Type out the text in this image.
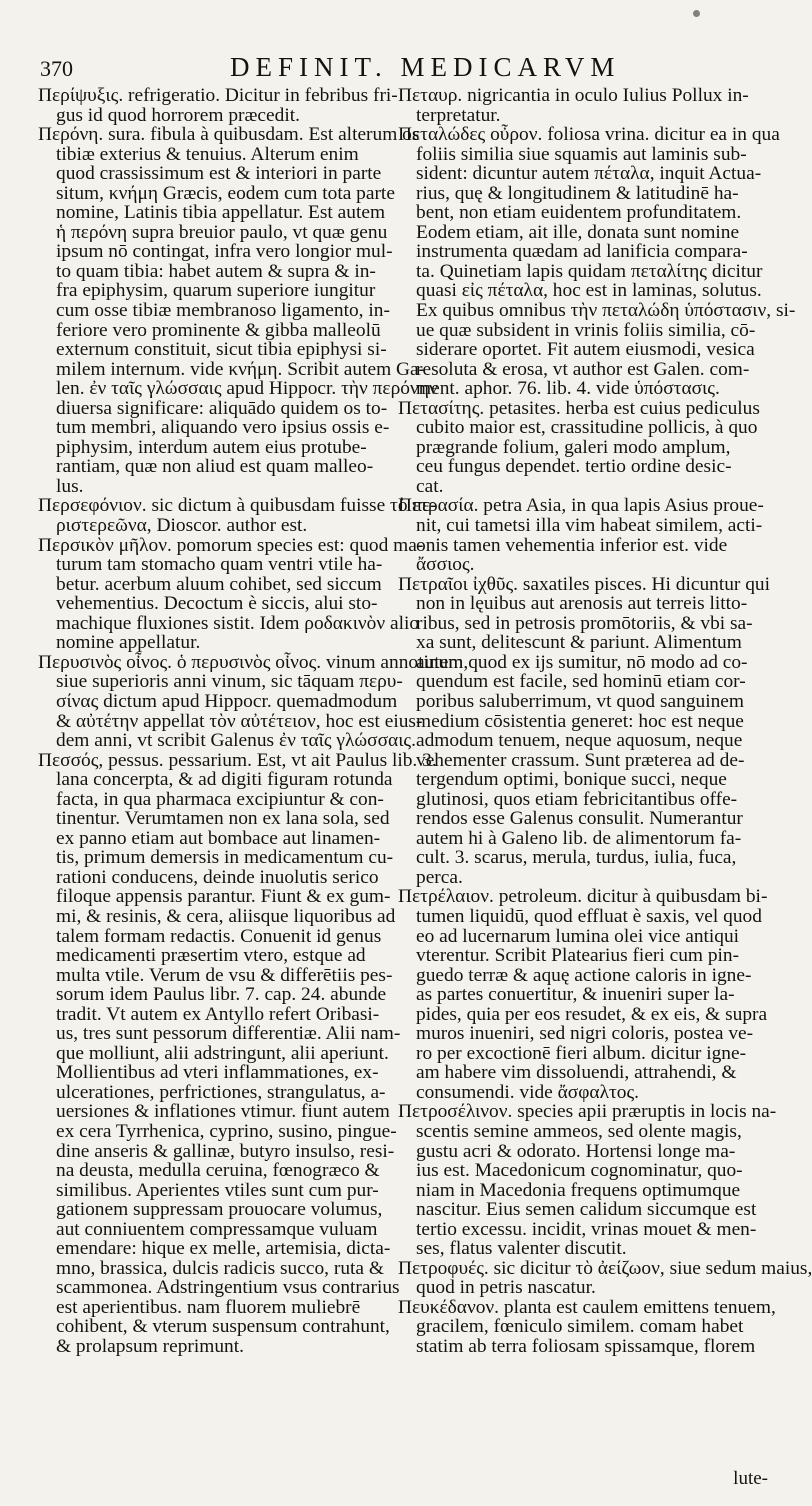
370	DEFINIT. MEDICARVM
Περίψυξις. refrigeratio. Dicitur in febribus fri-
gus id quod horrorem præcedit.
Περόνη. sura. fibula à quibusdam. Est alterum os
tibiæ exterius & tenuius. Alterum enim
quod crassissimum est & interiori in parte
situm, κνήμη Græcis, eodem cum tota parte
nomine, Latinis tibia appellatur. Est autem
ἡ περόνη supra breuior paulo, vt quæ genu
ipsum nō contingat, infra vero longior mul-
to quam tibia: habet autem & supra & in-
fra epiphysim, quarum superiore iungitur
cum osse tibiæ membranoso ligamento, in-
feriore vero prominente & gibba malleolū
externum constituit, sicut tibia epiphysi si-
milem internum. vide κνήμη. Scribit autem Ga-
len. ἐν ταῖς γλώσσαις apud Hippocr. τὴν περόνην
diuersa significare: aliquādo quidem os to-
tum membri, aliquando vero ipsius ossis e-
piphysim, interdum autem eius protube-
rantiam, quæ non aliud est quam malleo-
lus.
Περσεφόνιον. sic dictum à quibusdam fuisse τὸ πε-
ριστερεῶνα, Dioscor. author est.
Περσικὸν μῆλον. pomorum species est: quod ma-
turum tam stomacho quam ventri vtile ha-
betur. acerbum aluum cohibet, sed siccum
vehementius. Decoctum è siccis, alui sto-
machique fluxiones sistit. Idem ροδακινὸν alio
nomine appellatur.
Περυσινὸς οἶνος. ὁ περυσινὸς οἶνος. vinum annotinum,
siue superioris anni vinum, sic tāquam περυ-
σίνας dictum apud Hippocr. quemadmodum
& αὐτέτην appellat τὸν αὐτέτειον, hoc est eius-
dem anni, vt scribit Galenus ἐν ταῖς γλώσσαις.
Πεσσός, pessus. pessarium. Est, vt ait Paulus lib. 3.
lana concerpta, & ad digiti figuram rotunda
facta, in qua pharmaca excipiuntur & con-
tinentur. Verumtamen non ex lana sola, sed
ex panno etiam aut bombace aut linamen-
tis, primum demersis in medicamentum cu-
rationi conducens, deinde inuolutis serico
filoque appensis parantur. Fiunt & ex gum-
mi, & resinis, & cera, aliisque liquoribus ad
talem formam redactis. Conuenit id genus
medicamenti præsertim vtero, estque ad
multa vtile. Verum de vsu & differētiis pes-
sorum idem Paulus libr. 7. cap. 24. abunde
tradit. Vt autem ex Antyllo refert Oribasi-
us, tres sunt pessorum differentiæ. Alii nam-
que molliunt, alii adstringunt, alii aperiunt.
Mollientibus ad vteri inflammationes, ex-
ulcerationes, perfrictiones, strangulatus, a-
uersiones & inflationes vtimur. fiunt autem
ex cera Tyrrhenica, cyprino, susino, pingue-
dine anseris & gallinæ, butyro insulso, resi-
na deusta, medulla ceruina, fœnogræco &
similibus. Aperientes vtiles sunt cum pur-
gationem suppressam prouocare volumus,
aut conniuentem compressamque vuluam
emendare: hique ex melle, artemisia, dicta-
mno, brassica, dulcis radicis succo, ruta &
scammonea. Adstringentium vsus contrarius
est aperientibus. nam fluorem muliebrē
cohibent, & vterum suspensum contrahunt,
& prolapsum reprimunt.
Πεταυρ. nigricantia in oculo Iulius Pollux in-
terpretatur.
Πεταλώδες οὖρον. foliosa vrina. dicitur ea in qua
foliis similia siue squamis aut laminis sub-
sident: dicuntur autem πέταλα, inquit Actua-
rius, quę & longitudinem & latitudinē ha-
bent, non etiam euidentem profunditatem.
Eodem etiam, ait ille, donata sunt nomine
instrumenta quædam ad lanificia compara-
ta. Quinetiam lapis quidam πεταλίτης dicitur
quasi εἰς πέταλα, hoc est in laminas, solutus.
Ex quibus omnibus τὴν πεταλώδη ὑπόστασιν, si-
ue quæ subsident in vrinis foliis similia, cō-
siderare oportet. Fit autem eiusmodi, vesica
resoluta & erosa, vt author est Galen. com-
ment. aphor. 76. lib. 4. vide ὑπόστασις.
Πετασίτης. petasites. herba est cuius pediculus
cubito maior est, crassitudine pollicis, à quo
prægrande folium, galeri modo amplum,
ceu fungus dependet. tertio ordine desic-
cat.
Πετρασία. petra Asia, in qua lapis Asius proue-
nit, cui tametsi illa vim habeat similem, acti-
onis tamen vehementia inferior est. vide
ἄσσιος.
Πετραῖοι ἰχθῦς. saxatiles pisces. Hi dicuntur qui
non in lęuibus aut arenosis aut terreis litto-
ribus, sed in petrosis promōtoriis, & vbi sa-
xa sunt, delitescunt & pariunt. Alimentum
autem quod ex ijs sumitur, nō modo ad co-
quendum est facile, sed hominū etiam cor-
poribus saluberrimum, vt quod sanguinem
medium cōsistentia generet: hoc est neque
admodum tenuem, neque aquosum, neque
vehementer crassum. Sunt præterea ad de-
tergendum optimi, bonique succi, neque
glutinosi, quos etiam febricitantibus offe-
rendos esse Galenus consulit. Numerantur
autem hi à Galeno lib. de alimentorum fa-
cult. 3. scarus, merula, turdus, iulia, fuca,
perca.
Πετρέλαιον. petroleum. dicitur à quibusdam bi-
tumen liquidū, quod effluat è saxis, vel quod
eo ad lucernarum lumina olei vice antiqui
vterentur. Scribit Platearius fieri cum pin-
guedo terræ & aquę actione caloris in igne-
as partes conuertitur, & inueniri super la-
pides, quia per eos resudet, & ex eis, & supra
muros inueniri, sed nigri coloris, postea ve-
ro per excoctionē fieri album. dicitur igne-
am habere vim dissoluendi, attrahendi, &
consumendi. vide ἄσφαλτος.
Πετροσέλινον. species apii præruptis in locis na-
scentis semine ammeos, sed olente magis,
gustu acri & odorato. Hortensi longe ma-
ius est. Macedonicum cognominatur, quo-
niam in Macedonia frequens optimumque
nascitur. Eius semen calidum siccumque est
tertio excessu. incidit, vrinas mouet & men-
ses, flatus valenter discutit.
Πετροφυές. sic dicitur τὸ ἀείζωον, siue sedum maius,
quod in petris nascatur.
Πευκέδανον. planta est caulem emittens tenuem,
gracilem, fœniculo similem. comam habet
statim ab terra foliosam spissamque, florem
lute-
